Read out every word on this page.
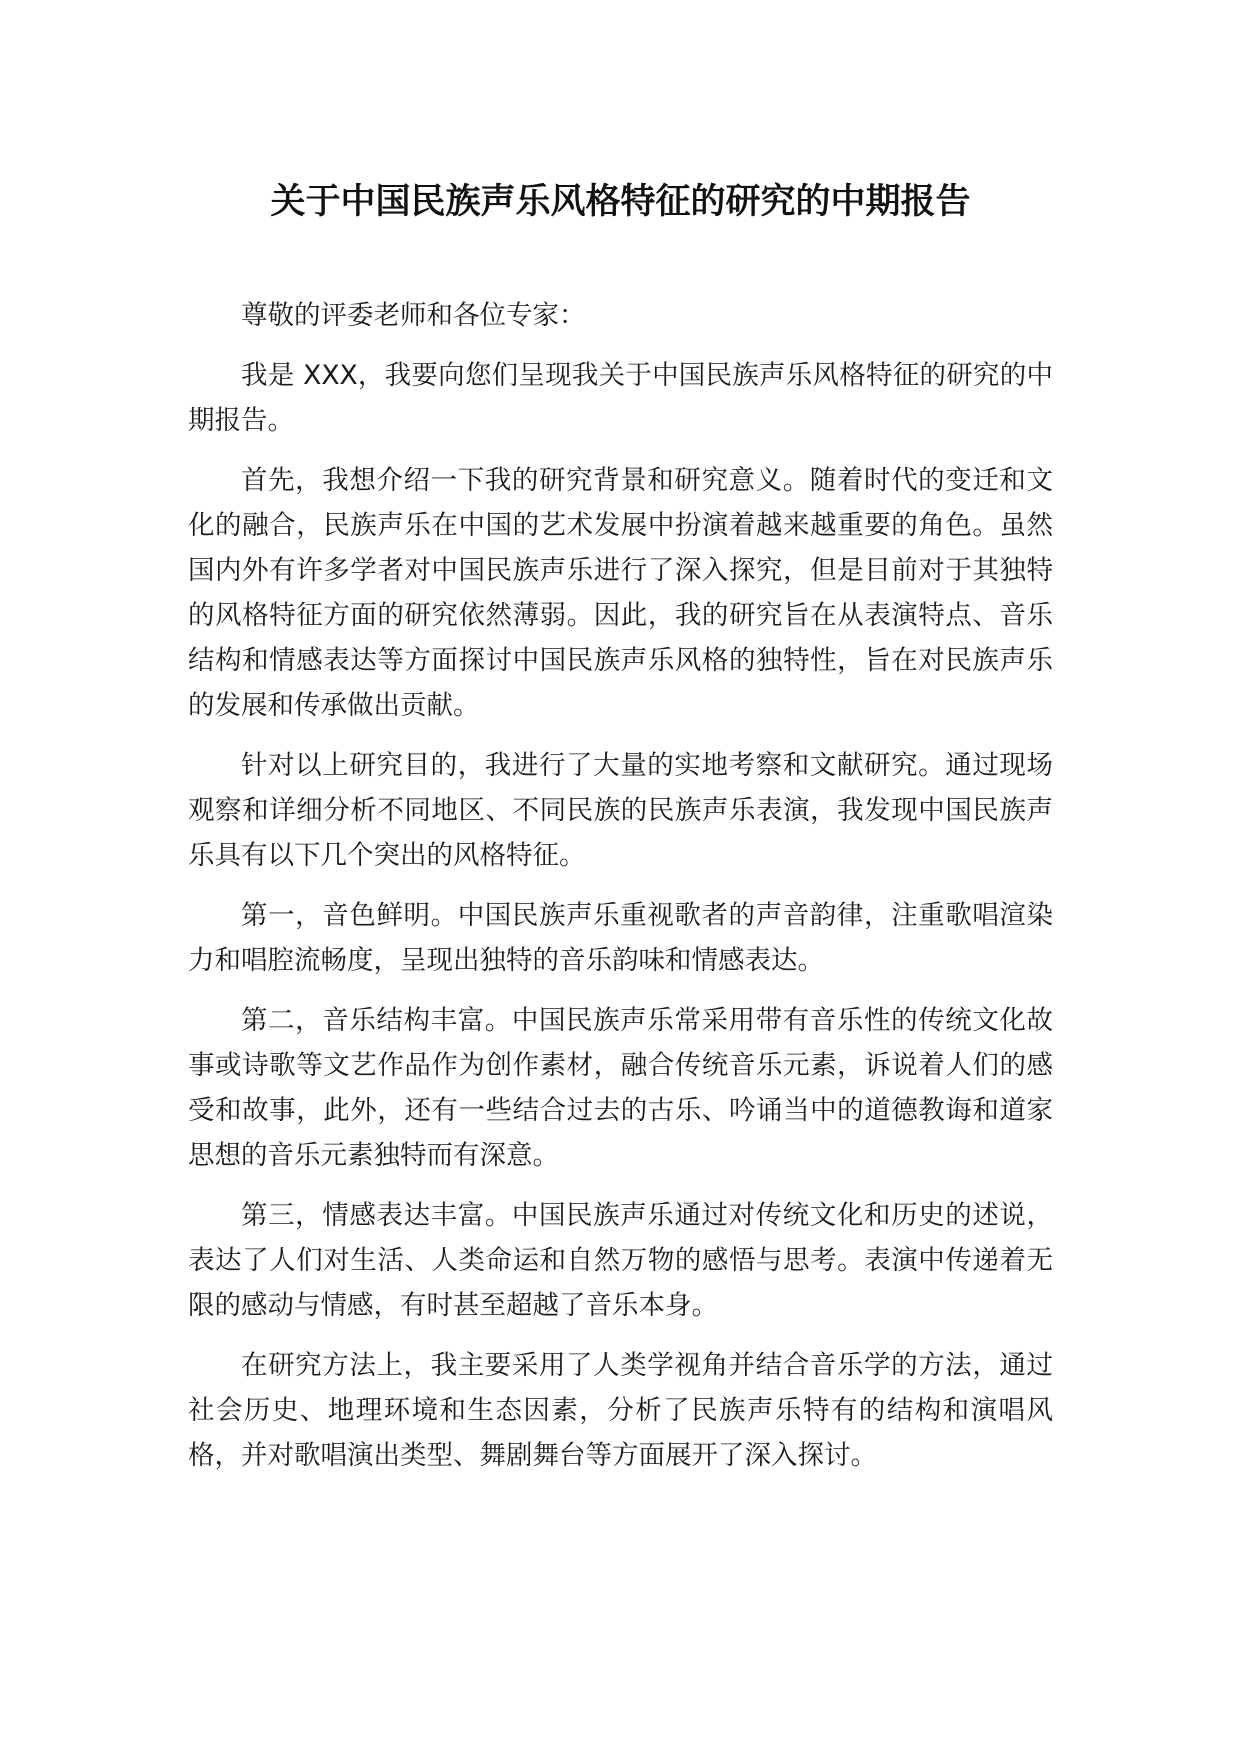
关于中国民族声乐风格特征的研究的中期报告

尊敬的评委老师和各位专家：

我是 XXX，我要向您们呈现我关于中国民族声乐风格特征的研究的中期报告。

首先，我想介绍一下我的研究背景和研究意义。随着时代的变迁和文化的融合，民族声乐在中国的艺术发展中扮演着越来越重要的角色。虽然国内外有许多学者对中国民族声乐进行了深入探究，但是目前对于其独特的风格特征方面的研究依然薄弱。因此，我的研究旨在从表演特点、音乐结构和情感表达等方面探讨中国民族声乐风格的独特性，旨在对民族声乐的发展和传承做出贡献。

针对以上研究目的，我进行了大量的实地考察和文献研究。通过现场观察和详细分析不同地区、不同民族的民族声乐表演，我发现中国民族声乐具有以下几个突出的风格特征。

第一，音色鲜明。中国民族声乐重视歌者的声音韵律，注重歌唱渲染力和唱腔流畅度，呈现出独特的音乐韵味和情感表达。

第二，音乐结构丰富。中国民族声乐常采用带有音乐性的传统文化故事或诗歌等文艺作品作为创作素材，融合传统音乐元素，诉说着人们的感受和故事，此外，还有一些结合过去的古乐、吟诵当中的道德教诲和道家思想的音乐元素独特而有深意。

第三，情感表达丰富。中国民族声乐通过对传统文化和历史的述说，表达了人们对生活、人类命运和自然万物的感悟与思考。表演中传递着无限的感动与情感，有时甚至超越了音乐本身。

在研究方法上，我主要采用了人类学视角并结合音乐学的方法，通过社会历史、地理环境和生态因素，分析了民族声乐特有的结构和演唱风格，并对歌唱演出类型、舞剧舞台等方面展开了深入探讨。
